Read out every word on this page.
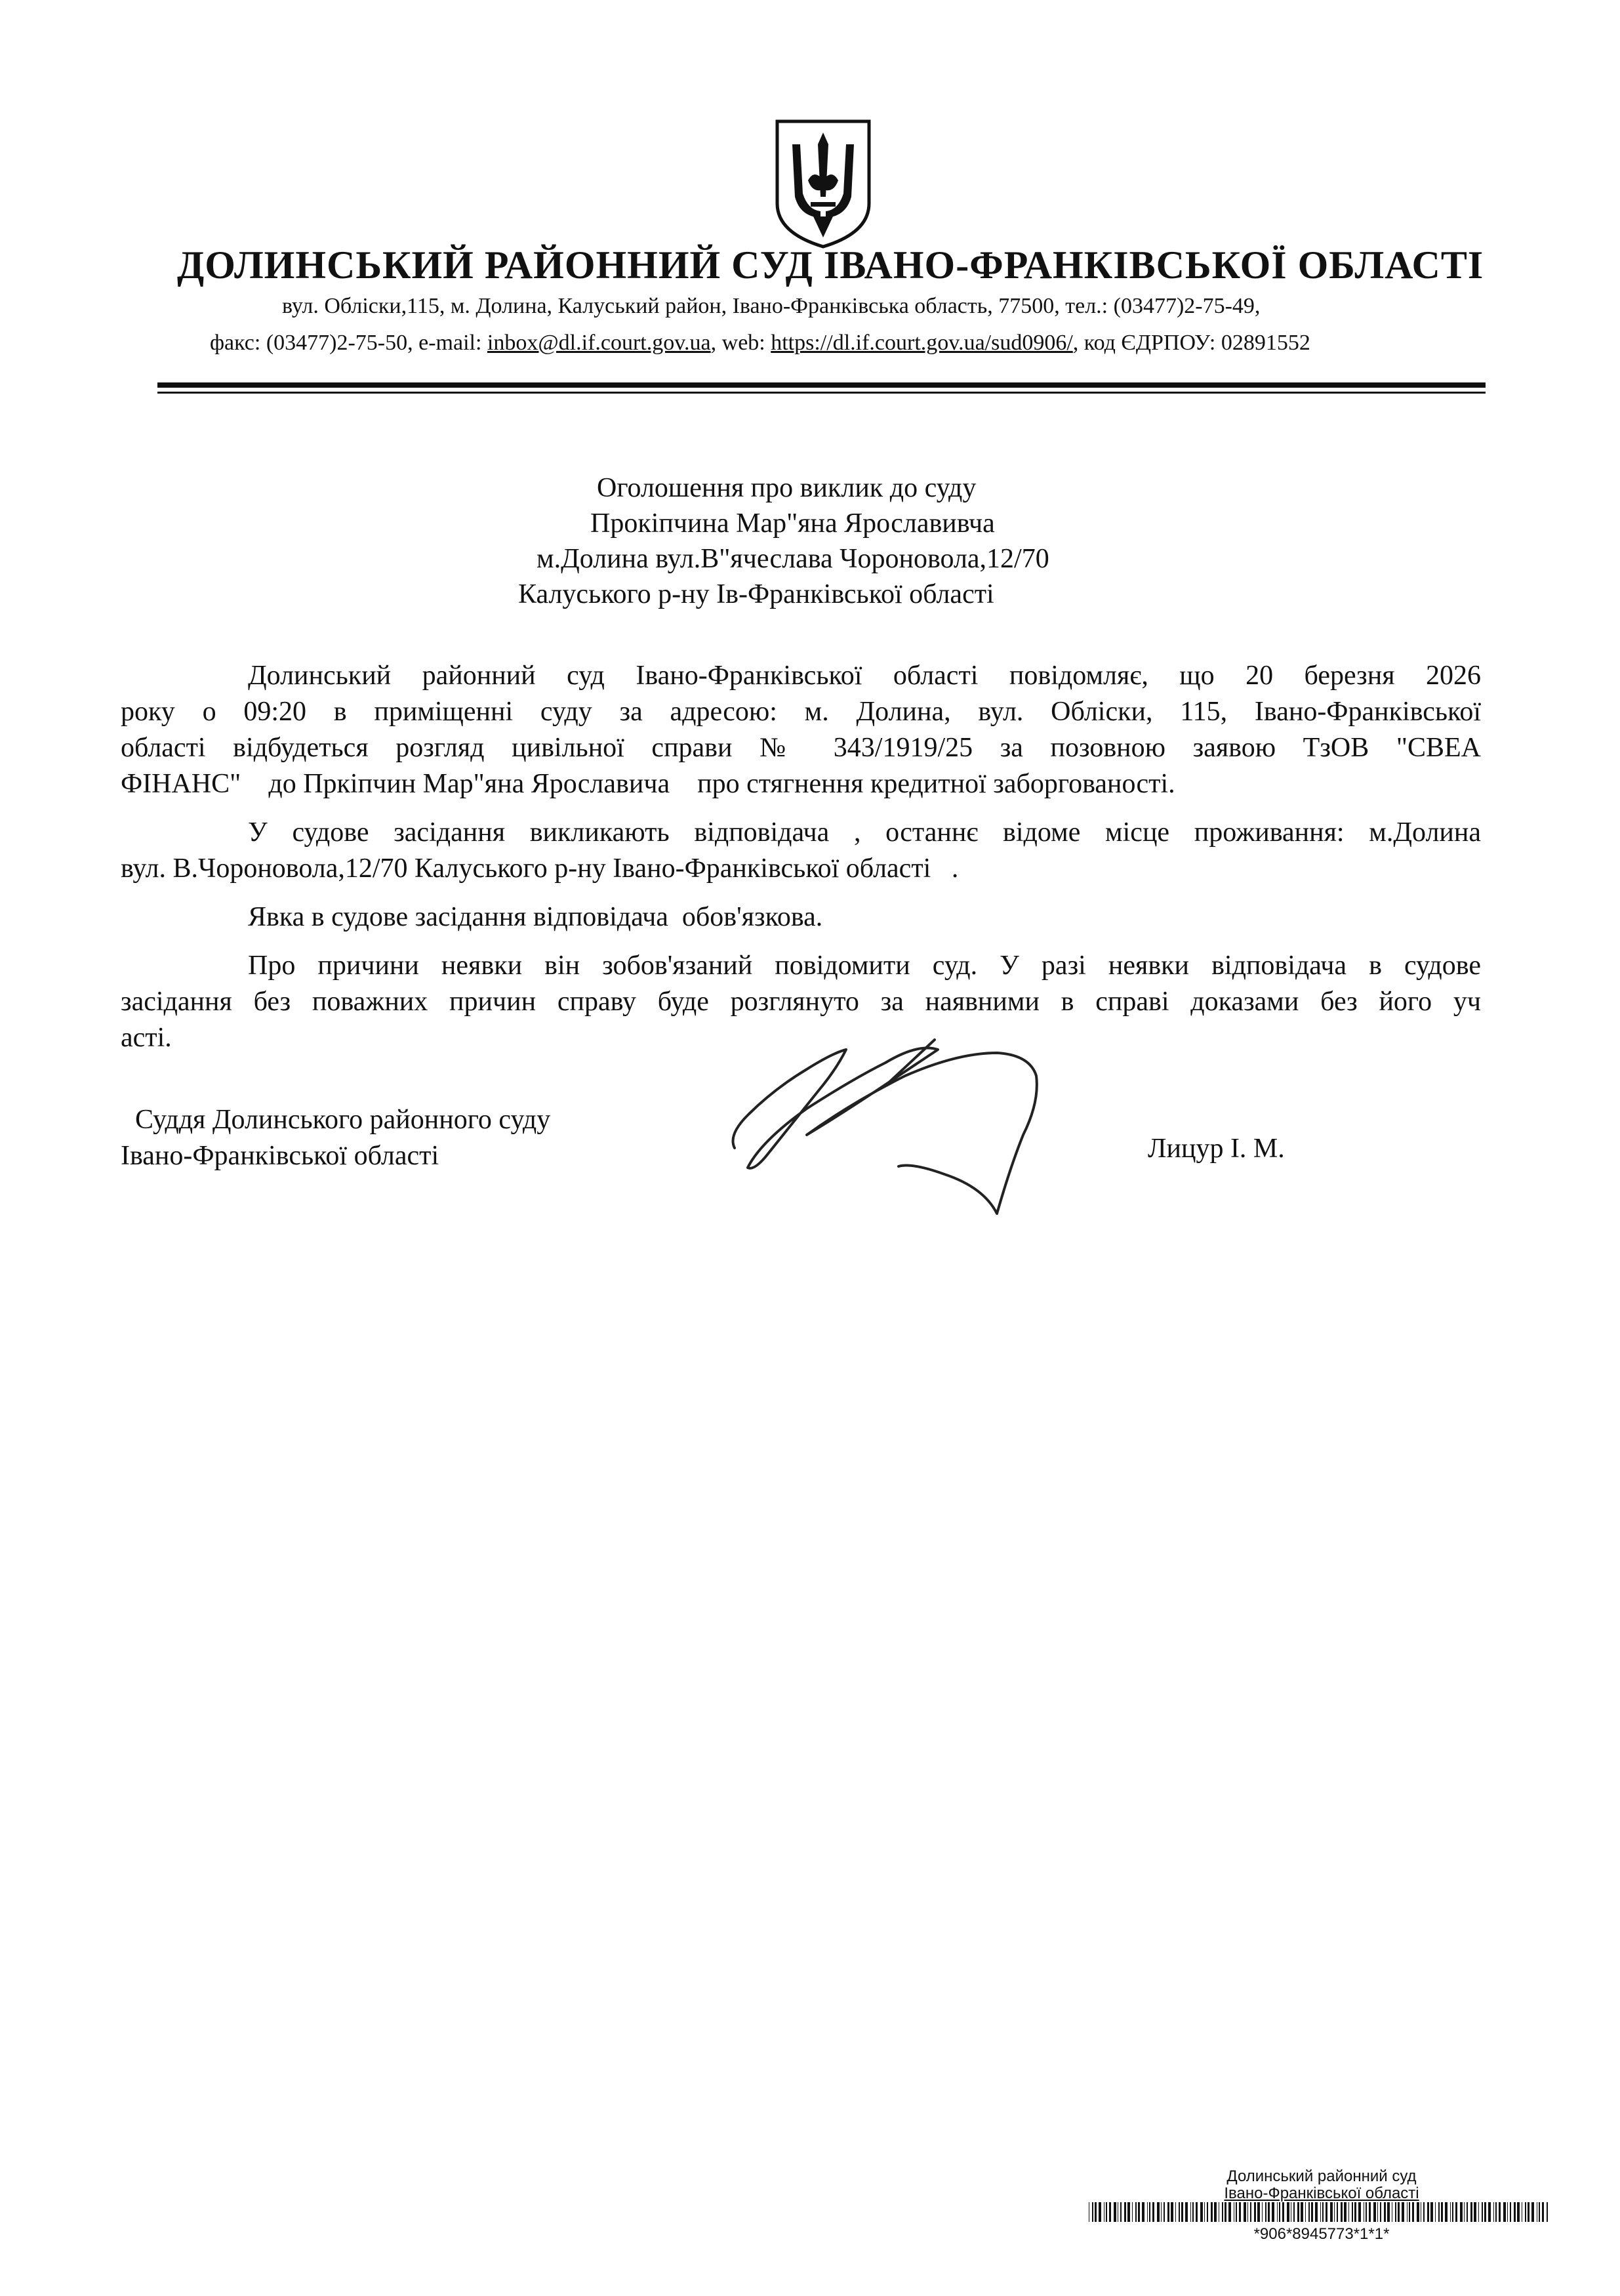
ДОЛИНСЬКИЙ РАЙОННИЙ СУД ІВАНО-ФРАНКІВСЬКОЇ ОБЛАСТІ
вул. Обліски,115, м. Долина, Калуський район, Івано-Франківська область, 77500, тел.: (03477)2-75-49,
факс: (03477)2-75-50, e-mail: inbox@dl.if.court.gov.ua, web: https://dl.if.court.gov.ua/sud0906/, код ЄДРПОУ: 02891552
Оголошення про виклик до суду
Прокіпчина Мар"яна Ярославивча
м.Долина вул.В"ячеслава Чороновола,12/70
Калуського р-ну Ів-Франківської області
Долинський районний суд Івано-Франківської області повідомляє, що 20 березня 2026
року о 09:20 в приміщенні суду за адресою: м. Долина, вул. Обліски, 115, Івано-Франківської
області відбудеться розгляд цивільної справи № 343/1919/25 за позовною заявою ТзОВ "СВЕА
ФІНАНС"    до Пркіпчин Мар"яна Ярославича    про стягнення кредитної заборгованості.
У судове засідання викликають відповідача , останнє відоме місце проживання: м.Долина
вул. В.Чороновола,12/70 Калуського р-ну Івано-Франківської області   .
Явка в судове засідання відповідача  обов'язкова.
Про причини неявки він зобов'язаний повідомити суд. У разі неявки відповідача в судове
засідання без поважних причин справу буде розглянуто за наявними в справі доказами без його уч
асті.
Суддя Долинського районного суду
Івано-Франківської області	Лицур І. М.
Долинський районний суд
Івано-Франківської області
*906*8945773*1*1*
